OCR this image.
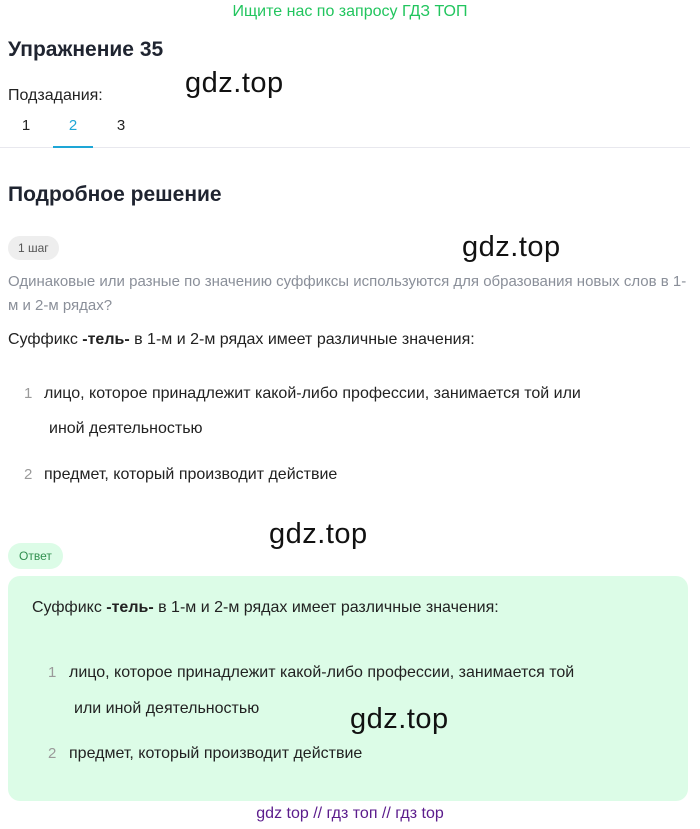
Ищите нас по запросу ГДЗ ТОП
Упражнение 35
gdz.top
Подзадания:
1	2	3
Подробное решение
1 шаг	gdz.top
Одинаковые или разные по значению суффиксы используются для образования новых слов в 1-м и 2-м рядах?
Суффикс -тель- в 1-м и 2-м рядах имеет различные значения:
1 лицо, которое принадлежит какой-либо профессии, занимается той или
иной деятельностью
2 предмет, который производит действие
gdz.top
Ответ
Суффикс -тель- в 1-м и 2-м рядах имеет различные значения:
1 лицо, которое принадлежит какой-либо профессии, занимается той
или иной деятельностью
2 предмет, который производит действие
gdz.top
gdz top // гдз топ // гдз top
